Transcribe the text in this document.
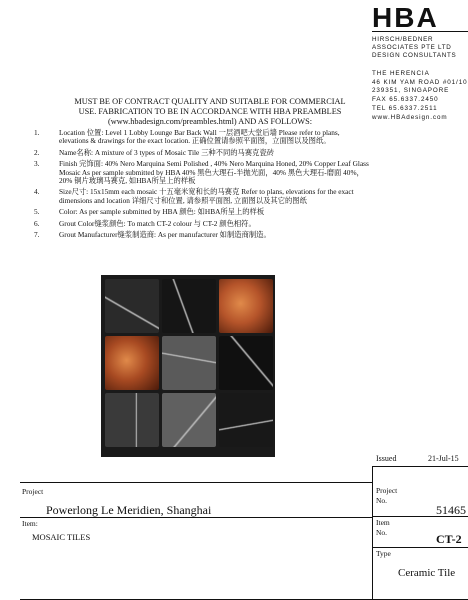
HBA
HIRSCH/BEDNER
ASSOCIATES PTE LTD
DESIGN CONSULTANTS
THE HERENCIA
46 KIM YAM ROAD #01/10
239351, SINGAPORE
FAX 65.6337.2450
TEL 65.6337.2511
www.HBAdesign.com
MUST BE OF CONTRACT QUALITY AND SUITABLE FOR COMMERCIAL
USE. FABRICATION TO BE IN ACCORDANCE WITH HBA PREAMBLES
(www.hbadesign.com/preambles.html) AND AS FOLLOWS:
1.	Location 位置: Level 1 Lobby Lounge Bar Back Wall 一层酒吧大堂后墙 Please refer to plans, elevations & drawings for the exact location. 正确位置请参照平面图，立面图以及图纸。
2.	Name名称: A mixture of 3 types of Mosaic Tile 三种不同的马赛克瓷砖
3.	Finish 完饰面: 40% Nero Marquina Semi Polished , 40% Nero Marquina Honed, 20% Copper Leaf Glass Mosaic As per sample submitted by HBA 40% 黑色大理石-半抛光面，40% 黑色大理石-磨面 40%，20% 铜片玻璃马赛克, 如HBA所呈上的样板
4.	Size尺寸: 15x15mm each mosaic 十五毫米宽和长的马赛克 Refer to plans, elevations for the exact dimensions and location 详细尺寸和位置, 请参照平面图, 立面图以及其它的图纸
5.	Color: As per sample submitted by HBA 颜色: 如HBA所呈上的样板
6.	Grout Color缝浆颜色: To match CT-2 colour 与 CT-2 颜色相符。
7.	Grout Manufacturer缝浆制造商: As per manufacturer 如制造商制造。
Issued	21-Jul-15
Project
Powerlong Le Meridien, Shanghai
Item:
MOSAIC TILES
Project
No.
51465
Item
No.	CT-2
Type
Ceramic Tile
